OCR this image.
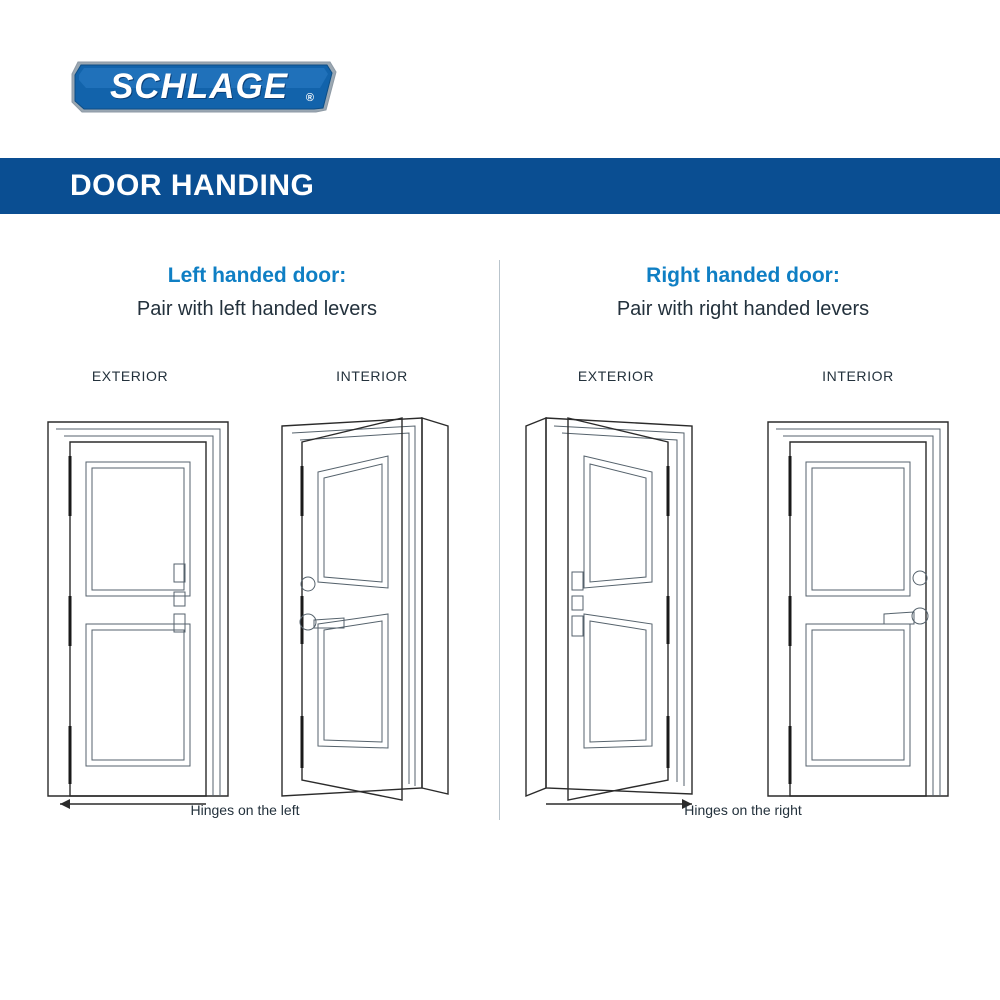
SCHLAGE	®
DOOR HANDING

Left handed door:

Pair with left handed levers

EXTERIOR	INTERIOR
Hinges on the left

Right handed door:

Pair with right handed levers

EXTERIOR	INTERIOR
Hinges on the right
